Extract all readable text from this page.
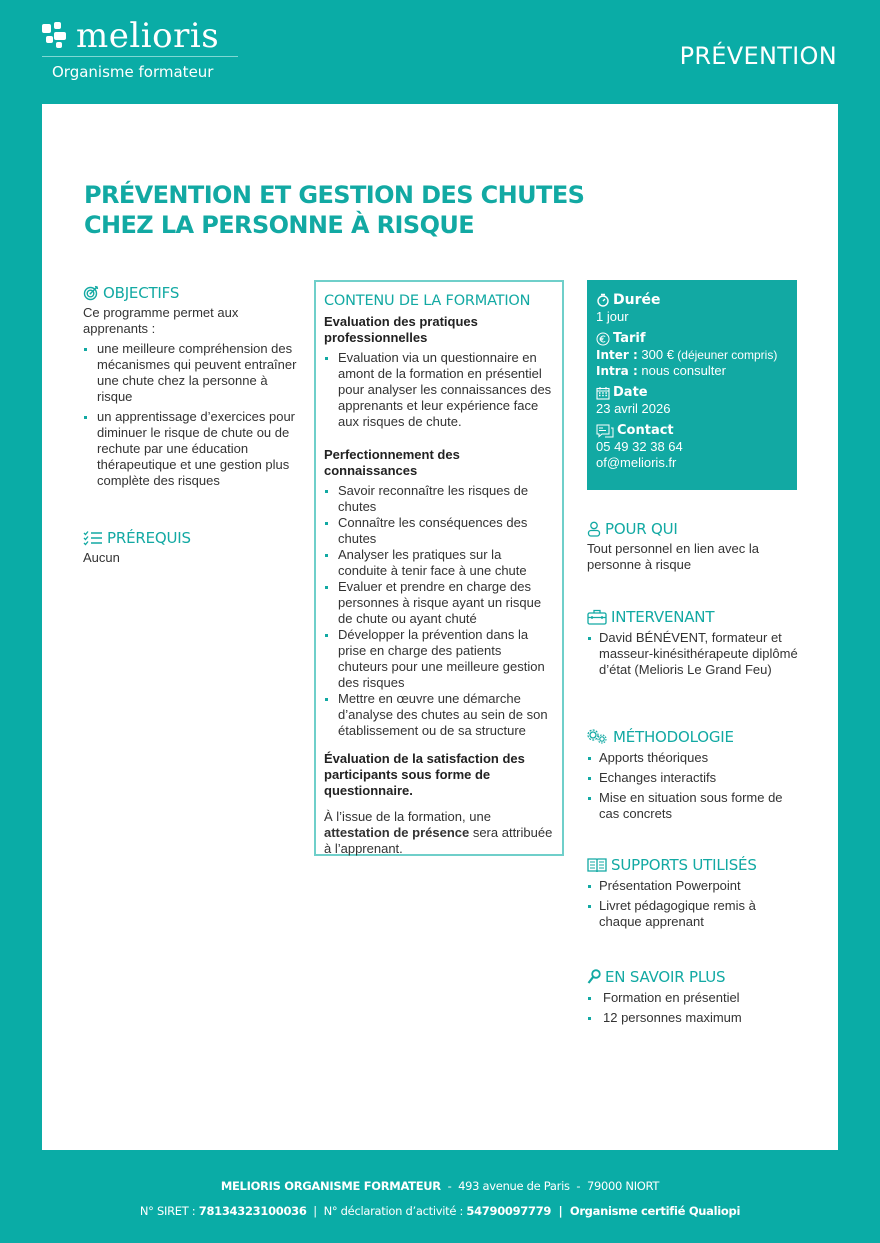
melioris
Organisme formateur
PRÉVENTION
PRÉVENTION ET GESTION DES CHUTES
CHEZ LA PERSONNE À RISQUE
OBJECTIFS

Ce programme permet aux apprenants :

une meilleure compréhension des mécanismes qui peuvent entraîner une chute chez la personne à risque
un apprentissage d’exercices pour diminuer le risque de chute ou de rechute par une éducation thérapeutique et une gestion plus complète des risques
PRÉREQUIS

Aucun

CONTENU DE LA FORMATION
Evaluation des pratiques professionnelles
Evaluation via un questionnaire en amont de la formation en présentiel pour analyser les connaissances des apprenants et leur expérience face aux risques de chute.
Perfectionnement des connaissances
Savoir reconnaître les risques de chutes
Connaître les conséquences des chutes
Analyser les pratiques sur la conduite à tenir face à une chute
Evaluer et prendre en charge des personnes à risque ayant un risque de chute ou ayant chuté
Développer la prévention dans la prise en charge des patients chuteurs pour une meilleure gestion des risques
Mettre en œuvre une démarche d’analyse des chutes au sein de son établissement ou de sa structure
Évaluation de la satisfaction des participants sous forme de questionnaire.

À l’issue de la formation, une attestation de présence sera attribuée à l’apprenant.

Durée

1 jour

Tarif

Inter : 300 € (déjeuner compris)

Intra : nous consulter

Date

23 avril 2026

Contact

05 49 32 38 64

of@melioris.fr

POUR QUI

Tout personnel en lien avec la personne à risque

INTERVENANT
David BÉNÉVENT, formateur et masseur-kinésithérapeute diplômé d’état (Melioris Le Grand Feu)
MÉTHODOLOGIE
Apports théoriques
Echanges interactifs
Mise en situation sous forme de cas concrets
SUPPORTS UTILISÉS
Présentation Powerpoint
Livret pédagogique remis à chaque apprenant
EN SAVOIR PLUS
Formation en présentiel
12 personnes maximum
MELIORIS ORGANISME FORMATEUR  -  493 avenue de Paris  -  79000 NIORT
N° SIRET : 78134323100036  |  N° déclaration d’activité : 54790097779  |  Organisme certifié Qualiopi
